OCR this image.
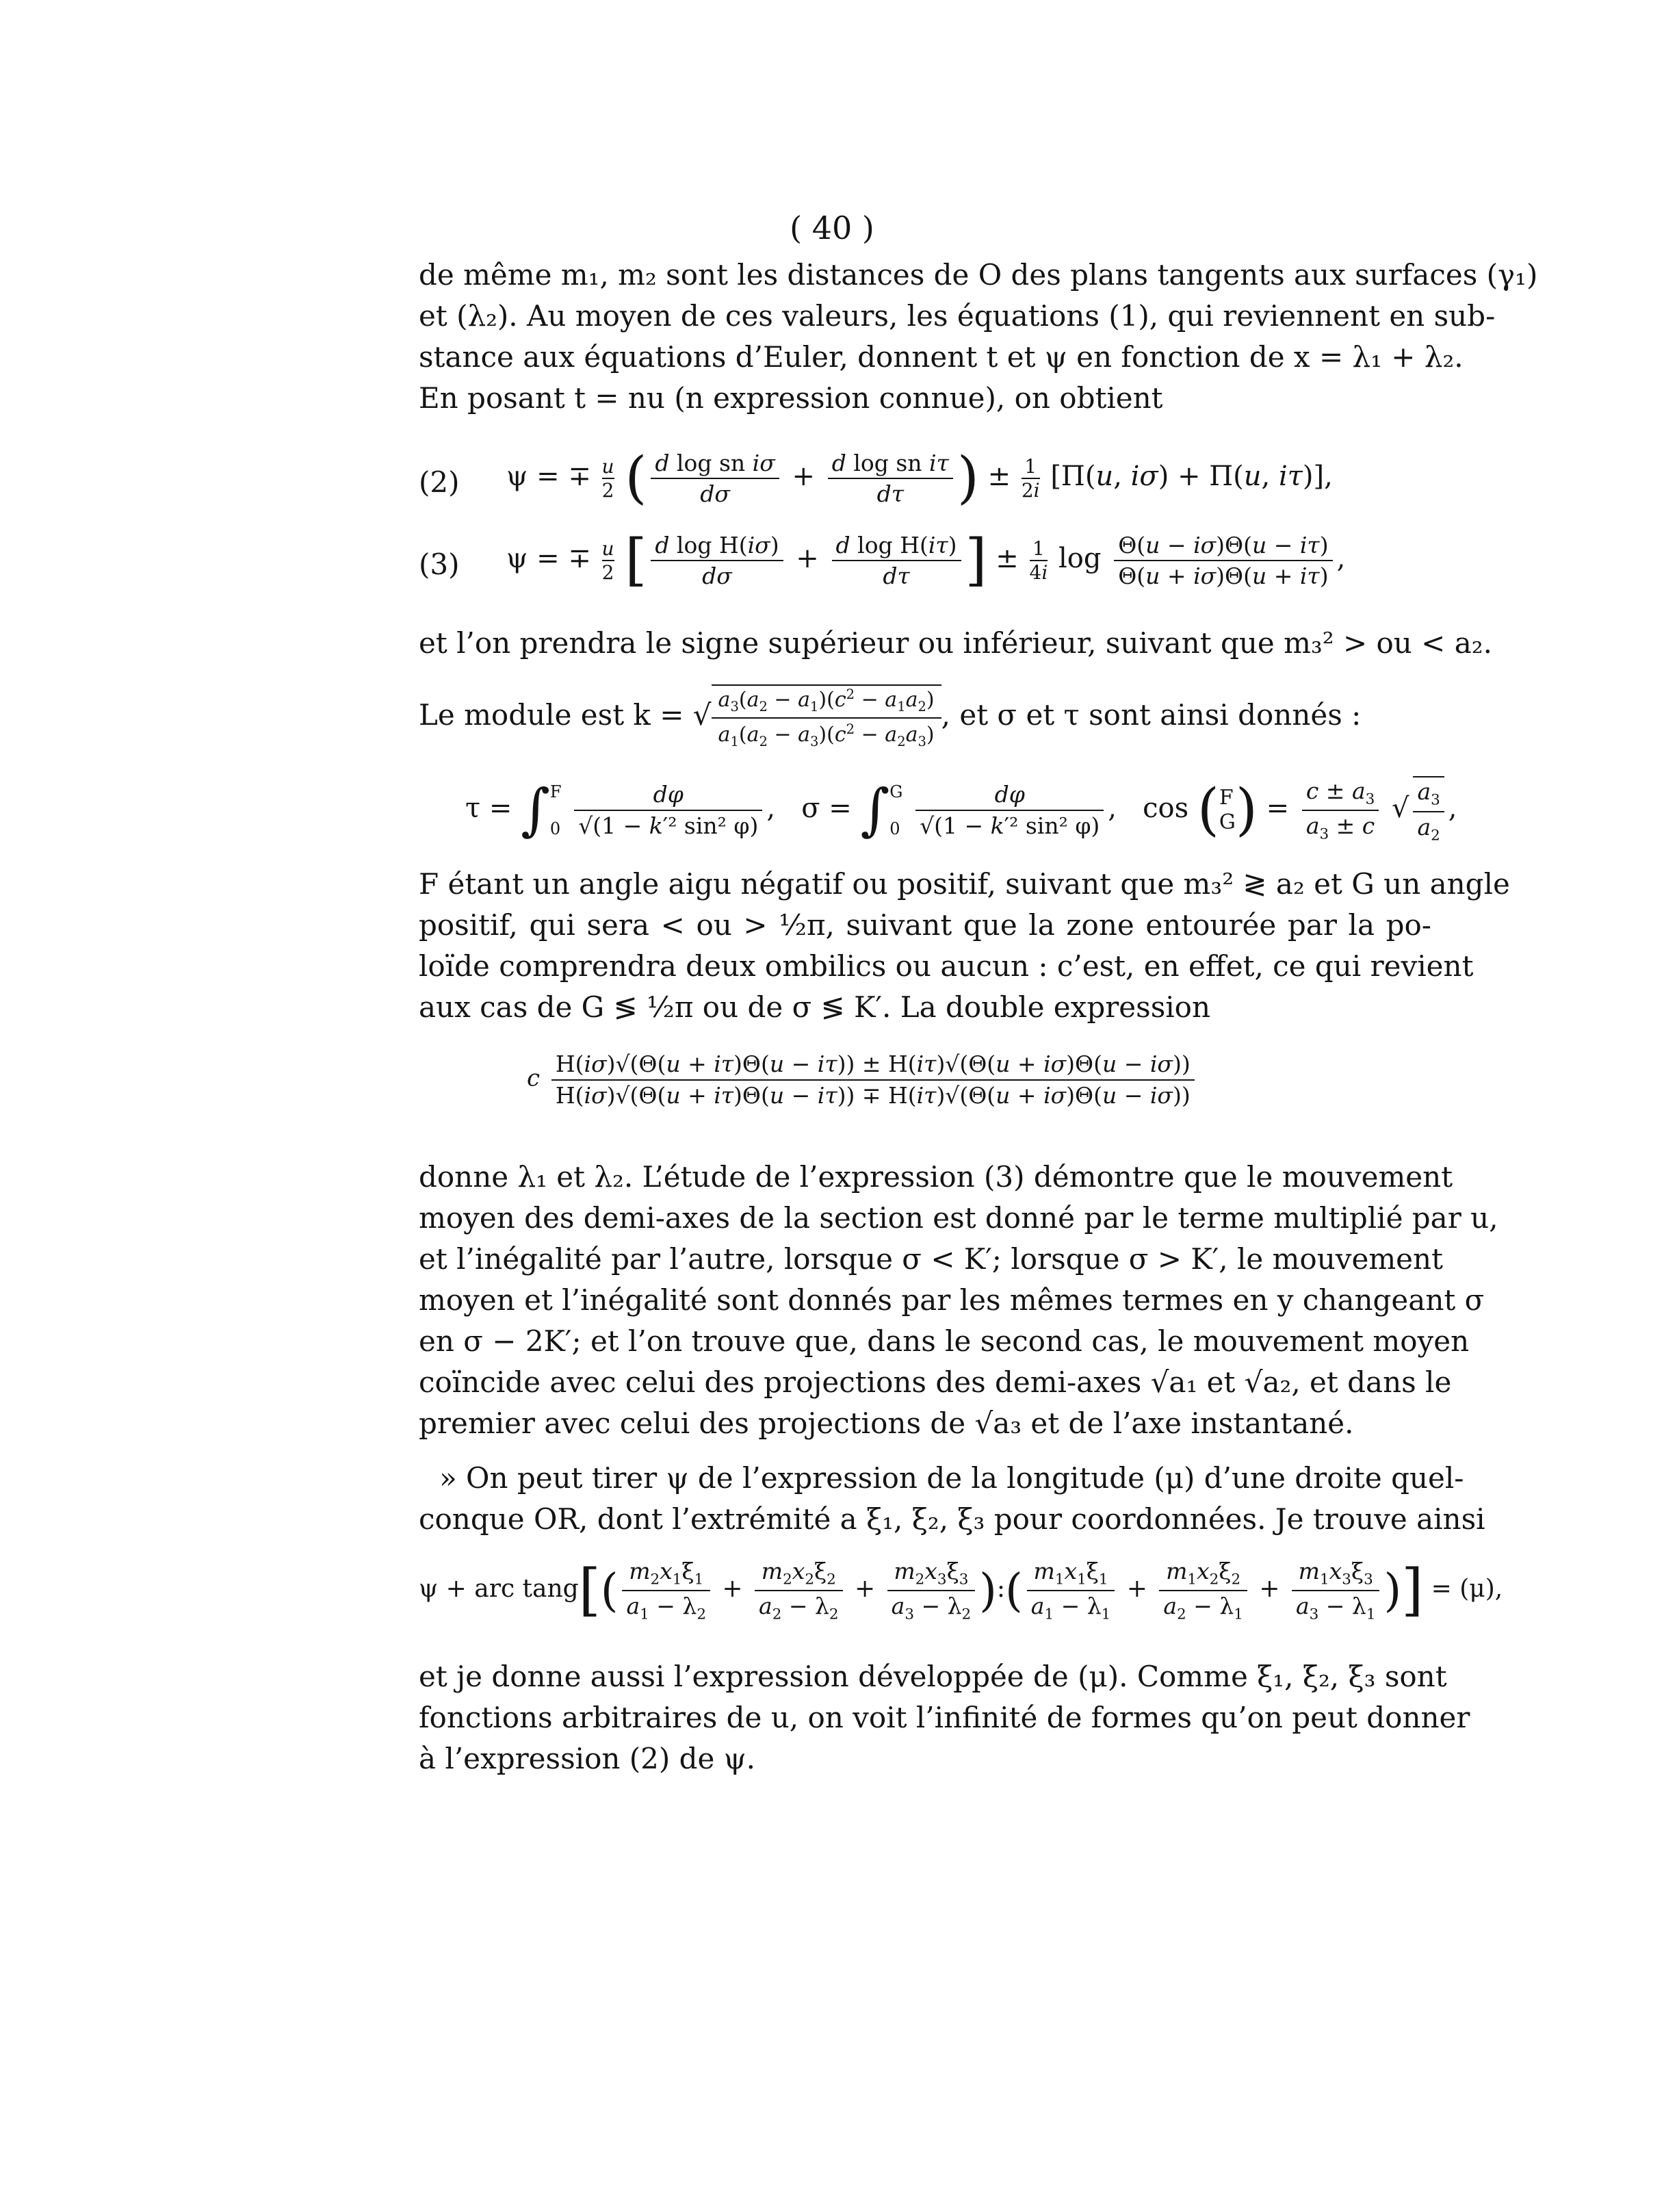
( 40 )
de même m₁, m₂ sont les distances de O des plans tangents aux surfaces (γ₁)
et (λ₂). Au moyen de ces valeurs, les équations (1), qui reviennent en sub-
stance aux équations d’Euler, donnent t et ψ en fonction de x = λ₁ + λ₂.
En posant t = nu (n expression connue), on obtient
(2) ψ = ∓ $\frac{u}{2}$ ( $\frac{\text{d log sn iσ}}{d\sigma} + \frac{\text{d log sn iτ}}{d\tau}$ ) ± $\frac{1}{2i} [\Pi(u$, iσ) + Π(u, iτ)],
(3) ψ = ∓ $\frac{u}{2}$ [ $\frac{\text{d log H(iσ)}}{d\sigma} + \frac{\text{d log H(iτ)}}{d\tau}$ ] ± $\frac{1}{4i}$ $\log \frac{\Theta(u - i\sigma)\Theta(u - i\tau)}{\Theta(u + i\sigma)\Theta(u + i\tau)}$ ,
et l’on prendra le signe supérieur ou inférieur, suivant que m₃² > ou < a₂.
Le module est k = √ $\frac{a_3(a_2 - a_1)(c^2 - a_1a_2)}{a_1(a_2 - a_3)(c^2 - a_2a_3)}$ , et σ et τ sont ainsi donnés :
τ = ∫ F
0
$\frac{d\varphi}{\text{√(1 − k′² sin² φ)}}$ ,   σ = ∫ G
0
$\frac{d\varphi}{\text{√(1 − k′² sin² φ)}}$ ,   cos ( F
G ) = $\frac{c \pm a_3}{a_3 \pm c}$ √ $\frac{a_3}{a_2}$ ,
F étant un angle aigu négatif ou positif, suivant que m₃² ≷ a₂ et G un angle
positif, qui sera < ou > ½π, suivant que la zone entourée par la po-
loïde comprendra deux ombilics ou aucun : c’est, en effet, ce qui revient
aux cas de G ≶ ½π ou de σ ≶ K′. La double expression
c $\frac{H(i\sigma)√(\Theta(u + i\tau)\Theta(u - i\tau)) \pm H(i\tau)√(\Theta(u + i\sigma)\Theta(u - i\sigma))}{H(i\sigma)√(\Theta(u + i\tau)\Theta(u - i\tau)) \mp H(i\tau)√(\Theta(u + i\sigma)\Theta(u - i\sigma))}$
donne λ₁ et λ₂. L’étude de l’expression (3) démontre que le mouvement
moyen des demi-axes de la section est donné par le terme multiplié par u,
et l’inégalité par l’autre, lorsque σ < K′; lorsque σ > K′, le mouvement
moyen et l’inégalité sont donnés par les mêmes termes en y changeant σ
en σ − 2K′; et l’on trouve que, dans le second cas, le mouvement moyen
coïncide avec celui des projections des demi-axes √a₁ et √a₂, et dans le
premier avec celui des projections de √a₃ et de l’axe instantané.
» On peut tirer ψ de l’expression de la longitude (μ) d’une droite quel-
conque OR, dont l’extrémité a ξ₁, ξ₂, ξ₃ pour coordonnées. Je trouve ainsi
ψ + arc $\tan g[( \frac{m_2x_1\xi_1}{a_1 - \lambda_2} + \frac{m_2x_2\xi_2}{a_2 - \lambda_2} + \frac{m_2x_3\xi_3}{a_3 - \lambda_2}$ ):( $\frac{m_1x_1\xi_1}{a_1 - \lambda_1} + \frac{m_1x_2\xi_2}{a_2 - \lambda_1} + \frac{m_1x_3\xi_3}{a_3 - \lambda_1}$ )] = (μ),
et je donne aussi l’expression développée de (μ). Comme ξ₁, ξ₂, ξ₃ sont
fonctions arbitraires de u, on voit l’infinité de formes qu’on peut donner
à l’expression (2) de ψ.
